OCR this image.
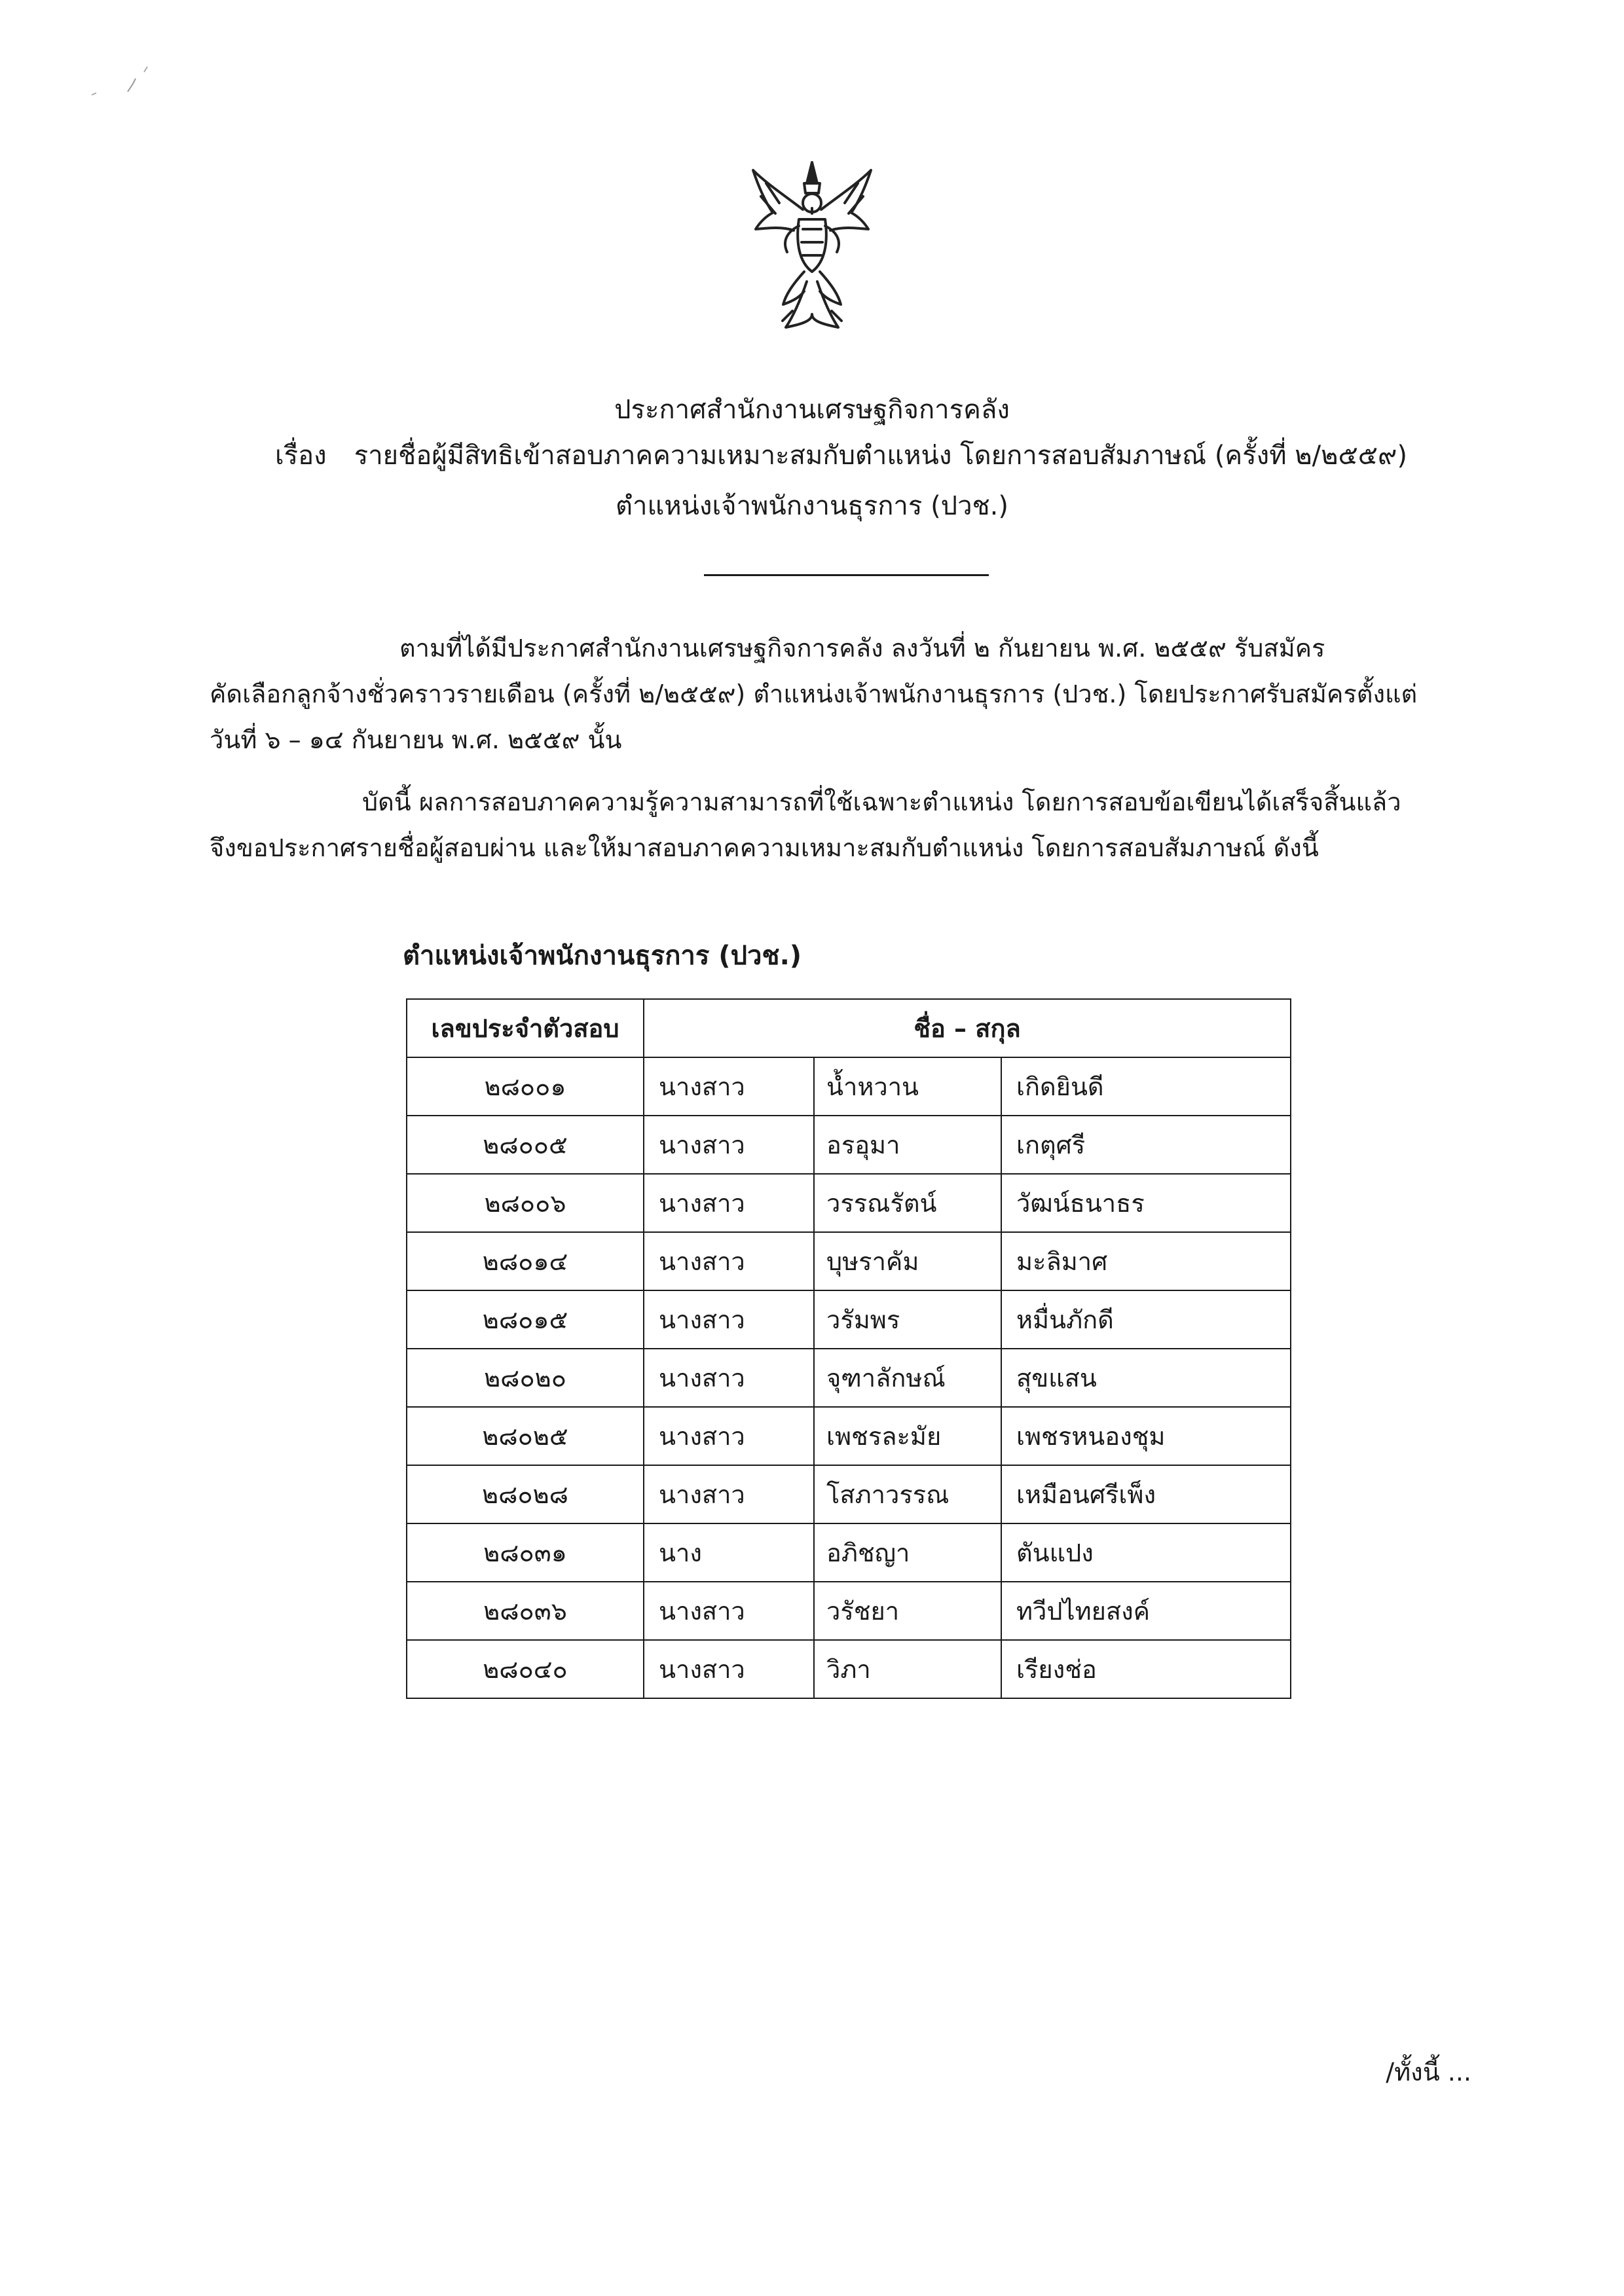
ประกาศสำนักงานเศรษฐกิจการคลัง
เรื่อง รายชื่อผู้มีสิทธิเข้าสอบภาคความเหมาะสมกับตำแหน่ง โดยการสอบสัมภาษณ์ (ครั้งที่ ๒/๒๕๕๙)
ตำแหน่งเจ้าพนักงานธุรการ (ปวช.)
ตามที่ได้มีประกาศสำนักงานเศรษฐกิจการคลัง ลงวันที่ ๒ กันยายน พ.ศ. ๒๕๕๙ รับสมัคร
คัดเลือกลูกจ้างชั่วคราวรายเดือน (ครั้งที่ ๒/๒๕๕๙) ตำแหน่งเจ้าพนักงานธุรการ (ปวช.) โดยประกาศรับสมัครตั้งแต่
วันที่ ๖ – ๑๔ กันยายน พ.ศ. ๒๕๕๙ นั้น
บัดนี้ ผลการสอบภาคความรู้ความสามารถที่ใช้เฉพาะตำแหน่ง โดยการสอบข้อเขียนได้เสร็จสิ้นแล้ว
จึงขอประกาศรายชื่อผู้สอบผ่าน และให้มาสอบภาคความเหมาะสมกับตำแหน่ง โดยการสอบสัมภาษณ์ ดังนี้
ตำแหน่งเจ้าพนักงานธุรการ (ปวช.)
เลขประจำตัวสอบ	ชื่อ – สกุล		
๒๘๐๐๑	นางสาว	น้ำหวาน	เกิดยินดี
๒๘๐๐๕	นางสาว	อรอุมา	เกตุศรี
๒๘๐๐๖	นางสาว	วรรณรัตน์	วัฒน์ธนาธร
๒๘๐๑๔	นางสาว	บุษราคัม	มะลิมาศ
๒๘๐๑๕	นางสาว	วรัมพร	หมื่นภักดี
๒๘๐๒๐	นางสาว	จุฑาลักษณ์	สุขแสน
๒๘๐๒๕	นางสาว	เพชรละมัย	เพชรหนองชุม
๒๘๐๒๘	นางสาว	โสภาวรรณ	เหมือนศรีเพ็ง
๒๘๐๓๑	นาง	อภิชญา	ตันแปง
๒๘๐๓๖	นางสาว	วรัชยา	ทวีปไทยสงค์
๒๘๐๔๐	นางสาว	วิภา	เรียงช่อ
/ทั้งนี้ ...
